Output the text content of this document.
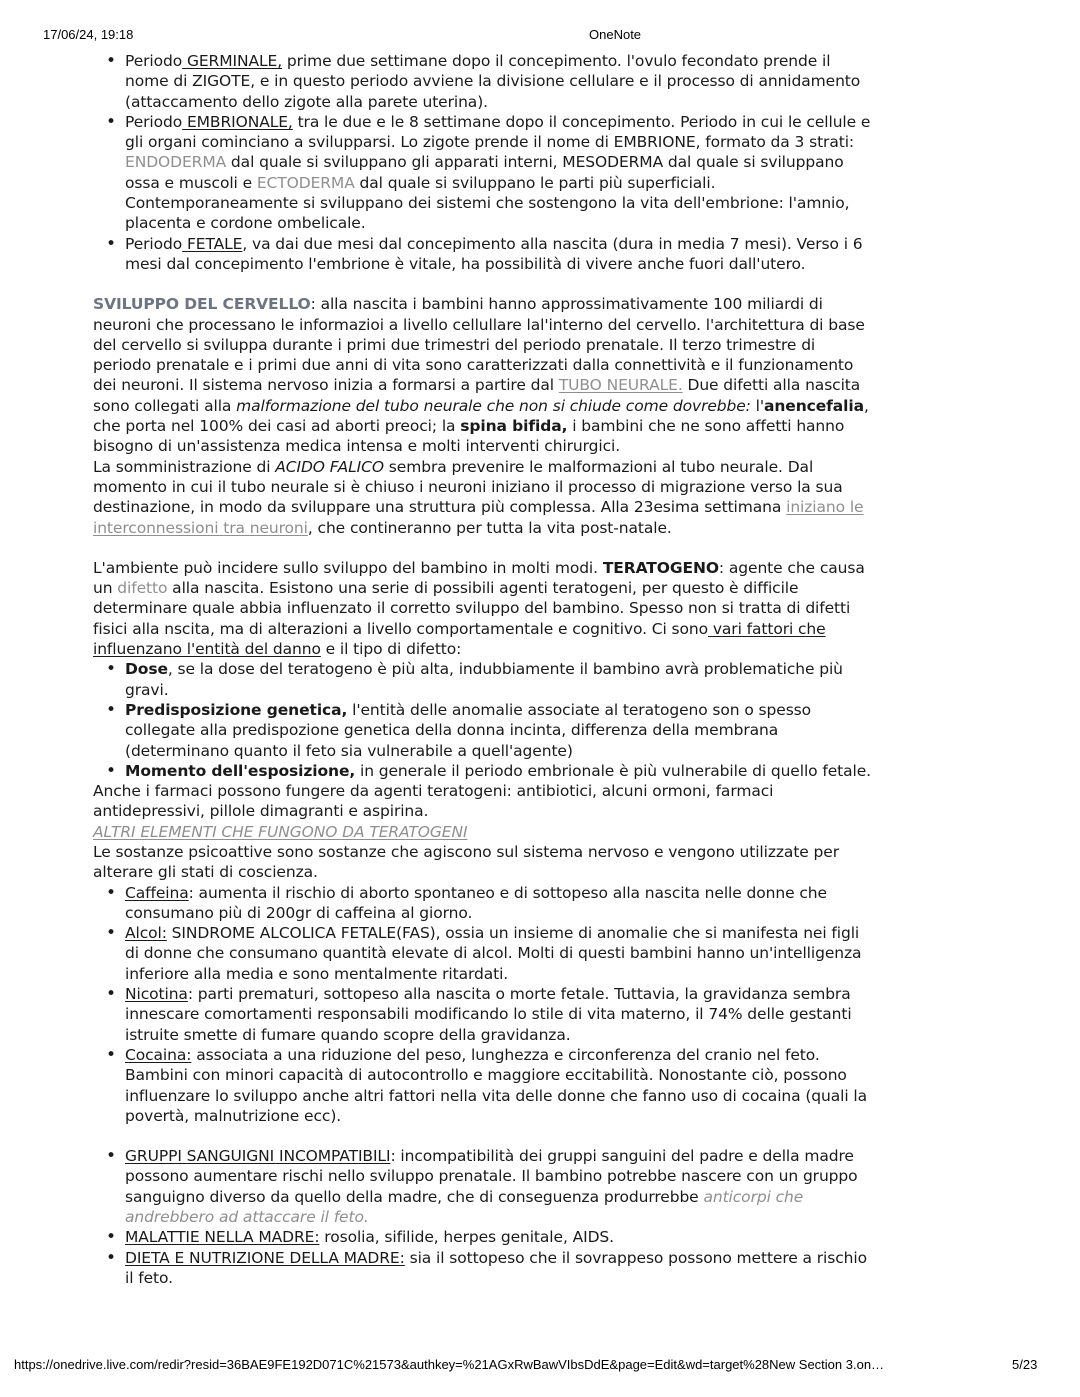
17/06/24, 19:18	OneNote
• Periodo GERMINALE, prime due settimane dopo il concepimento. l'ovulo fecondato prende il nome di ZIGOTE, e in questo periodo avviene la divisione cellulare e il processo di annidamento (attaccamento dello zigote alla parete uterina).
• Periodo EMBRIONALE, tra le due e le 8 settimane dopo il concepimento. Periodo in cui le cellule e gli organi cominciano a svilupparsi. Lo zigote prende il nome di EMBRIONE, formato da 3 strati: ENDODERMA dal quale si sviluppano gli apparati interni, MESODERMA dal quale si sviluppano ossa e muscoli e ECTODERMA dal quale si sviluppano le parti più superficiali. Contemporaneamente si sviluppano dei sistemi che sostengono la vita dell'embrione: l'amnio, placenta e cordone ombelicale.
• Periodo FETALE, va dai due mesi dal concepimento alla nascita (dura in media 7 mesi). Verso i 6 mesi dal concepimento l'embrione è vitale, ha possibilità di vivere anche fuori dall'utero.

SVILUPPO DEL CERVELLO: alla nascita i bambini hanno approssimativamente 100 miliardi di neuroni che processano le informazioi a livello cellullare lal'interno del cervello. l'architettura di base del cervello si sviluppa durante i primi due trimestri del periodo prenatale. Il terzo trimestre di periodo prenatale e i primi due anni di vita sono caratterizzati dalla connettività e il funzionamento dei neuroni. Il sistema nervoso inizia a formarsi a partire dal TUBO NEURALE. Due difetti alla nascita sono collegati alla malformazione del tubo neurale che non si chiude come dovrebbe: l'anencefalia, che porta nel 100% dei casi ad aborti preoci; la spina bifida, i bambini che ne sono affetti hanno bisogno di un'assistenza medica intensa e molti interventi chirurgici.

La somministrazione di ACIDO FALICO sembra prevenire le malformazioni al tubo neurale. Dal momento in cui il tubo neurale si è chiuso i neuroni iniziano il processo di migrazione verso la sua destinazione, in modo da sviluppare una struttura più complessa. Alla 23esima settimana iniziano le interconnessioni tra neuroni, che contineranno per tutta la vita post-natale.

L'ambiente può incidere sullo sviluppo del bambino in molti modi. TERATOGENO: agente che causa un difetto alla nascita. Esistono una serie di possibili agenti teratogeni, per questo è difficile determinare quale abbia influenzato il corretto sviluppo del bambino. Spesso non si tratta di difetti fisici alla nscita, ma di alterazioni a livello comportamentale e cognitivo. Ci sono vari fattori che influenzano l'entità del danno e il tipo di difetto:

• Dose, se la dose del teratogeno è più alta, indubbiamente il bambino avrà problematiche più gravi.
• Predisposizione genetica, l'entità delle anomalie associate al teratogeno son o spesso collegate alla predispozione genetica della donna incinta, differenza della membrana (determinano quanto il feto sia vulnerabile a quell'agente)
• Momento dell'esposizione, in generale il periodo embrionale è più vulnerabile di quello fetale.

Anche i farmaci possono fungere da agenti teratogeni: antibiotici, alcuni ormoni, farmaci antidepressivi, pillole dimagranti e aspirina.

ALTRI ELEMENTI CHE FUNGONO DA TERATOGENI

Le sostanze psicoattive sono sostanze che agiscono sul sistema nervoso e vengono utilizzate per alterare gli stati di coscienza.

• Caffeina: aumenta il rischio di aborto spontaneo e di sottopeso alla nascita nelle donne che consumano più di 200gr di caffeina al giorno.
• Alcol: SINDROME ALCOLICA FETALE(FAS), ossia un insieme di anomalie che si manifesta nei figli di donne che consumano quantità elevate di alcol. Molti di questi bambini hanno un'intelligenza inferiore alla media e sono mentalmente ritardati.
• Nicotina: parti prematuri, sottopeso alla nascita o morte fetale. Tuttavia, la gravidanza sembra innescare comortamenti responsabili modificando lo stile di vita materno, il 74% delle gestanti istruite smette di fumare quando scopre della gravidanza.
• Cocaina: associata a una riduzione del peso, lunghezza e circonferenza del cranio nel feto. Bambini con minori capacità di autocontrollo e maggiore eccitabilità. Nonostante ciò, possono influenzare lo sviluppo anche altri fattori nella vita delle donne che fanno uso di cocaina (quali la povertà, malnutrizione ecc).
• GRUPPI SANGUIGNI INCOMPATIBILI: incompatibilità dei gruppi sanguini del padre e della madre possono aumentare rischi nello sviluppo prenatale. Il bambino potrebbe nascere con un gruppo sanguigno diverso da quello della madre, che di conseguenza produrrebbe anticorpi che andrebbero ad attaccare il feto.
• MALATTIE NELLA MADRE: rosolia, sifilide, herpes genitale, AIDS.
• DIETA E NUTRIZIONE DELLA MADRE: sia il sottopeso che il sovrappeso possono mettere a rischio il feto.
https://onedrive.live.com/redir?resid=36BAE9FE192D071C%21573&authkey=%21AGxRwBawVIbsDdE&page=Edit&wd=target%28New Section 3.on…	5/23
